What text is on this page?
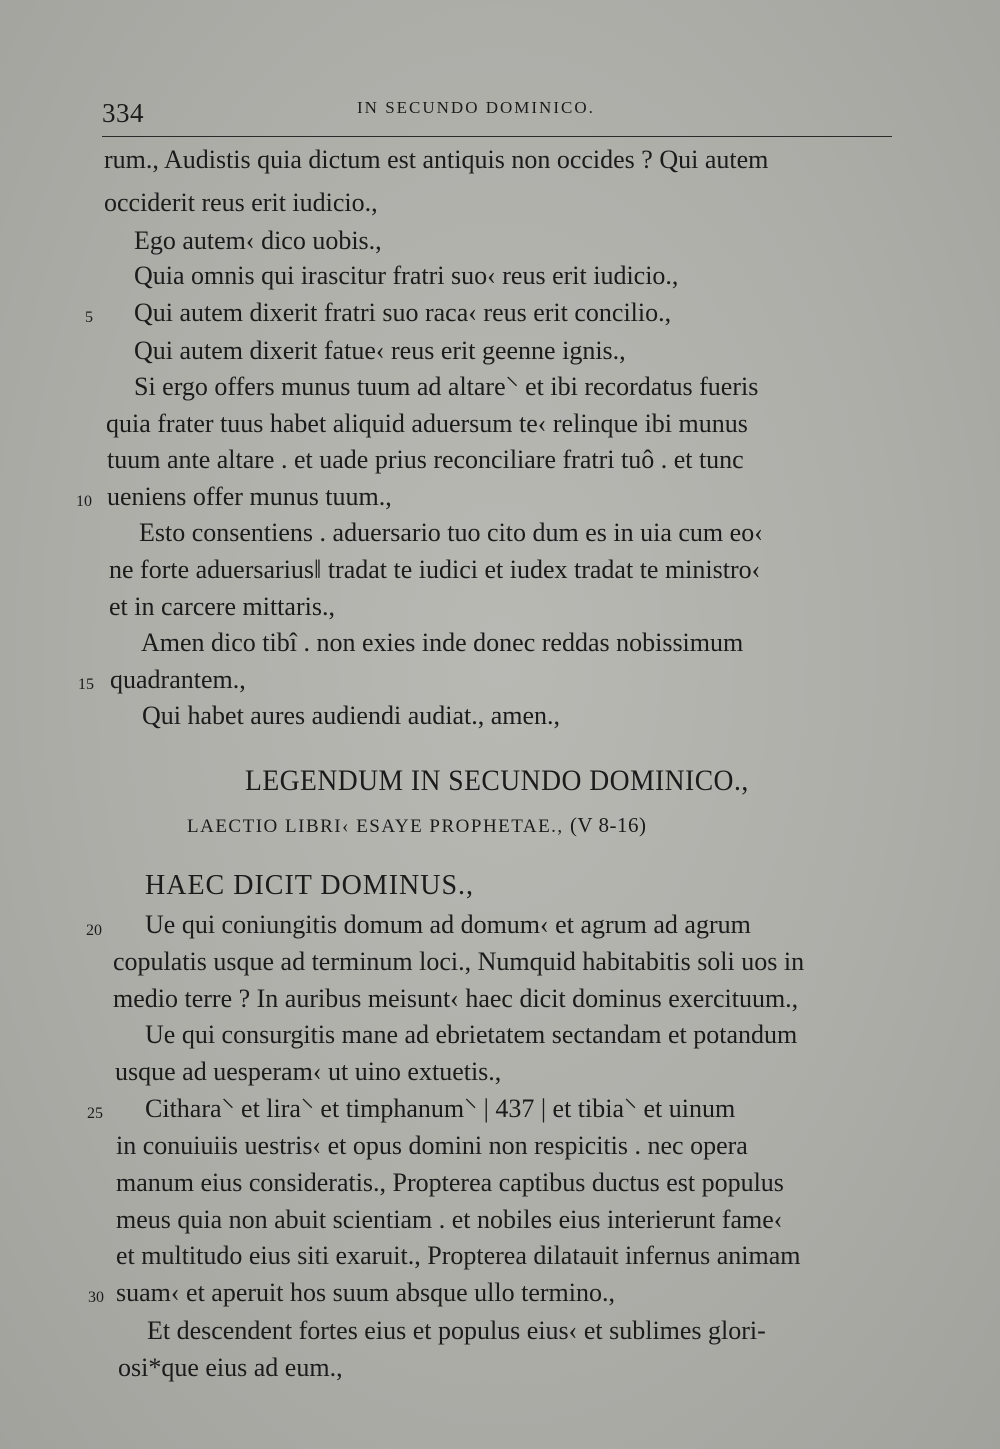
334	IN SECUNDO DOMINICO.
rum., Audistis quia dictum est antiquis non occides ? Qui autem
occiderit reus erit iudicio.,
Ego autem‹ dico uobis.,
Quia omnis qui irascitur fratri suo‹ reus erit iudicio.,
5 Qui autem dixerit fratri suo raca‹ reus erit concilio.,
Qui autem dixerit fatue‹ reus erit geenne ignis.,
Si ergo offers munus tuum ad altare⸌ et ibi recordatus fueris
quia frater tuus habet aliquid aduersum te‹ relinque ibi munus
tuum ante altare . et uade prius reconciliare fratri tuô . et tunc
10 ueniens offer munus tuum.,
Esto consentiens . aduersario tuo cito dum es in uia cum eo‹
ne forte aduersarius‖ tradat te iudici et iudex tradat te ministro‹
et in carcere mittaris.,
Amen dico tibî . non exies inde donec reddas nobissimum
15 quadrantem.,
Qui habet aures audiendi audiat., amen.,
LEGENDUM IN SECUNDO DOMINICO.,
LAECTIO LIBRI‹ ESAYE PROPHETAE., (V 8-16)
HAEC DICIT DOMINUS.,
20 Ue qui coniungitis domum ad domum‹ et agrum ad agrum
copulatis usque ad terminum loci., Numquid habitabitis soli uos in
medio terre ? In auribus meisunt‹ haec dicit dominus exercituum.,
Ue qui consurgitis mane ad ebrietatem sectandam et potandum
usque ad uesperam‹ ut uino extuetis.,
25 Cithara⸌ et lira⸌ et timphanum⸌ | 437 | et tibia⸌ et uinum
in conuiuiis uestris‹ et opus domini non respicitis . nec opera
manum eius consideratis., Propterea captibus ductus est populus
meus quia non abuit scientiam . et nobiles eius interierunt fame‹
et multitudo eius siti exaruit., Propterea dilatauit infernus animam
30 suam‹ et aperuit hos suum absque ullo termino.,
Et descendent fortes eius et populus eius‹ et sublimes glori-
osi*que eius ad eum.,
